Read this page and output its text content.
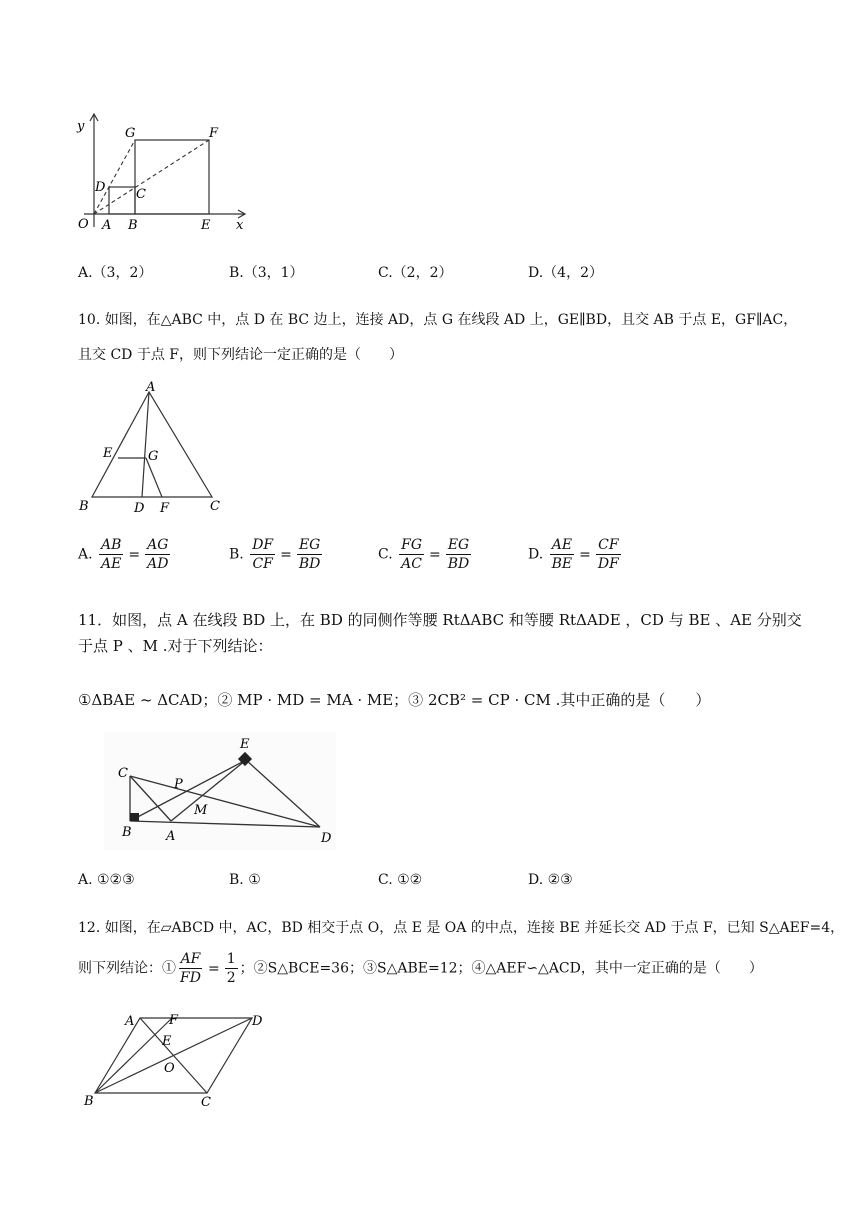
y
x
O A B	E
C
D
G	F
A.（3，2）	B.（3，1）	C.（2，2）	D.（4，2）
10. 如图，在△ABC 中，点 D 在 BC 边上，连接 AD，点 G 在线段 AD 上，GE∥BD，且交 AB 于点 E，GF∥AC，
且交 CD 于点 F，则下列结论一定正确的是（　　）
A
B	C
D
E
F
G
A. $\frac{AB}{AE} = \frac{AG}{AD}$	B. $\frac{DF}{CF} = \frac{EG}{BD}$	C. $\frac{FG}{AC} = \frac{EG}{BD}$	D. $\frac{AE}{BE} = \frac{CF}{DF}$
11．如图，点 A 在线段 BD 上，在 BD 的同侧作等腰 RtΔABC 和等腰 RtΔADE ，CD 与 BE 、AE 分别交
于点 P 、M .对于下列结论：
①ΔBAE ~ ΔCAD；② MP · MD = MA · ME；③ 2CB² = CP · CM .其中正确的是（　　）
C
B	A	D
E
P
M
A. ①②③	B. ①	C. ①②	D. ②③
12. 如图，在▱ABCD 中，AC，BD 相交于点 O，点 E 是 OA 的中点，连接 BE 并延长交 AD 于点 F，已知 S△AEF=4，
则下列结论：① $\frac{AF}{FD} = \frac{1}{2}$ ；②S△BCE=36；③S△ABE=12；④△AEF∽△ACD，其中一定正确的是（　　）
A	F	D
E
O
B	C
